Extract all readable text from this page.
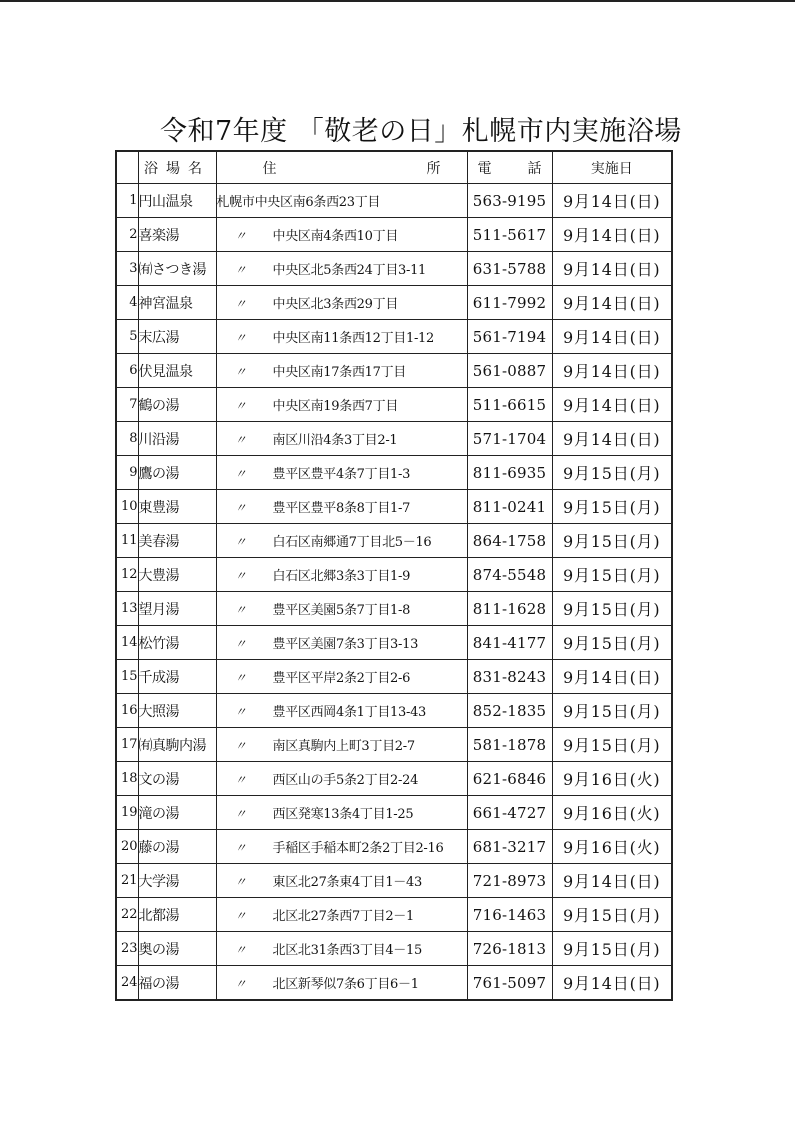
令和7年度 「敬老の日」札幌市内実施浴場
	浴場名	住 所	電 話	実施日
1	円山温泉	札幌市中央区南6条西23丁目	563-9195	9月14日(日)
2	喜楽湯	〃 中央区南4条西10丁目	511-5617	9月14日(日)
3	㈲さつき湯	〃 中央区北5条西24丁目3-11	631-5788	9月14日(日)
4	神宮温泉	〃 中央区北3条西29丁目	611-7992	9月14日(日)
5	末広湯	〃 中央区南11条西12丁目1-12	561-7194	9月14日(日)
6	伏見温泉	〃 中央区南17条西17丁目	561-0887	9月14日(日)
7	鶴の湯	〃 中央区南19条西7丁目	511-6615	9月14日(日)
8	川沿湯	〃 南区川沿4条3丁目2-1	571-1704	9月14日(日)
9	鷹の湯	〃 豊平区豊平4条7丁目1-3	811-6935	9月15日(月)
10	東豊湯	〃 豊平区豊平8条8丁目1-7	811-0241	9月15日(月)
11	美春湯	〃 白石区南郷通7丁目北5－16	864-1758	9月15日(月)
12	大豊湯	〃 白石区北郷3条3丁目1-9	874-5548	9月15日(月)
13	望月湯	〃 豊平区美園5条7丁目1-8	811-1628	9月15日(月)
14	松竹湯	〃 豊平区美園7条3丁目3-13	841-4177	9月15日(月)
15	千成湯	〃 豊平区平岸2条2丁目2-6	831-8243	9月14日(日)
16	大照湯	〃 豊平区西岡4条1丁目13-43	852-1835	9月15日(月)
17	㈲真駒内湯	〃 南区真駒内上町3丁目2-7	581-1878	9月15日(月)
18	文の湯	〃 西区山の手5条2丁目2-24	621-6846	9月16日(火)
19	滝の湯	〃 西区発寒13条4丁目1-25	661-4727	9月16日(火)
20	藤の湯	〃 手稲区手稲本町2条2丁目2-16	681-3217	9月16日(火)
21	大学湯	〃 東区北27条東4丁目1－43	721-8973	9月14日(日)
22	北都湯	〃 北区北27条西7丁目2－1	716-1463	9月15日(月)
23	奥の湯	〃 北区北31条西3丁目4－15	726-1813	9月15日(月)
24	福の湯	〃 北区新琴似7条6丁目6－1	761-5097	9月14日(日)
